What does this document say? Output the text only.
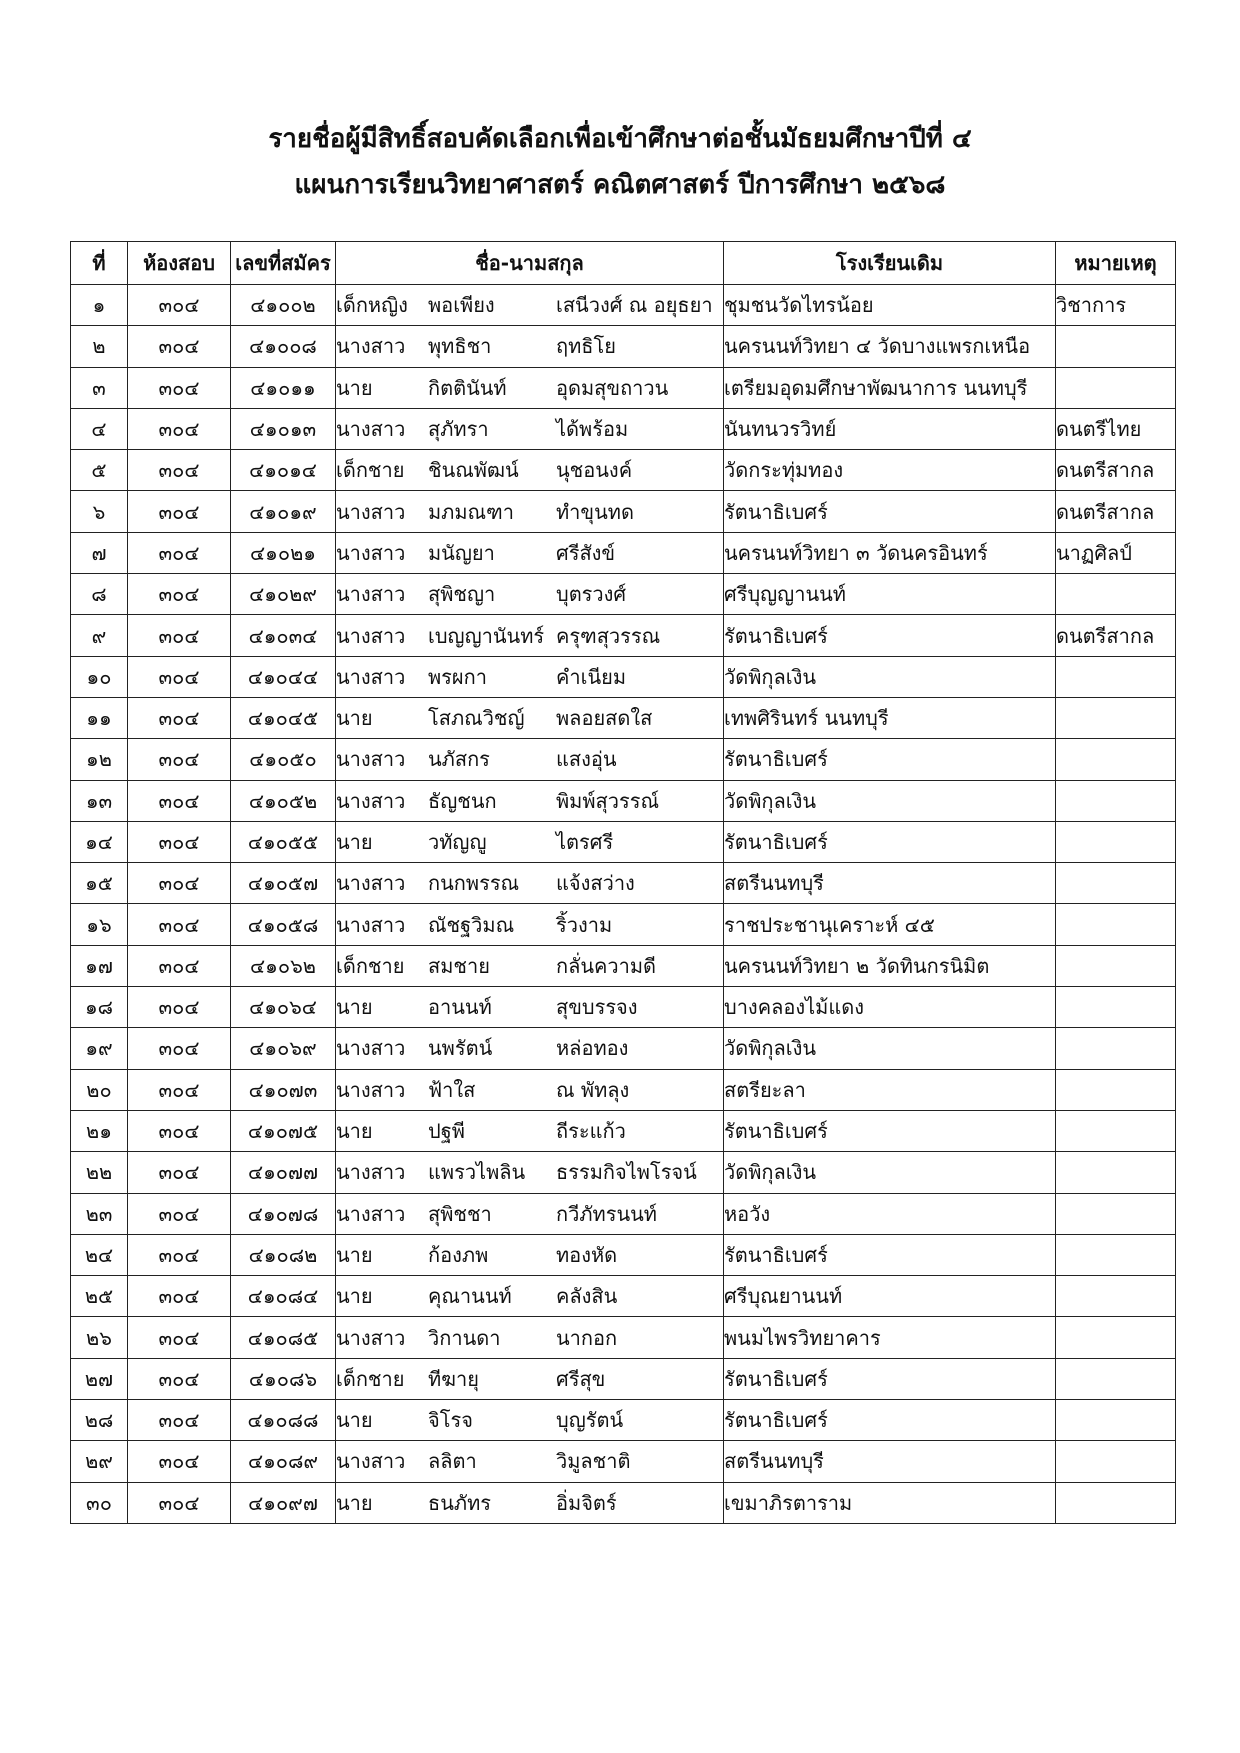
รายชื่อผู้มีสิทธิ์สอบคัดเลือกเพื่อเข้าศึกษาต่อชั้นมัธยมศึกษาปีที่ ๔
แผนการเรียนวิทยาศาสตร์ คณิตศาสตร์ ปีการศึกษา ๒๕๖๘
ที่	ห้องสอบ	เลขที่สมัคร	ชื่อ-นามสกุล	โรงเรียนเดิม	หมายเหตุ
๑	๓๐๔	๔๑๐๐๒	เด็กหญิง พอเพียง เสนีวงศ์ ณ อยุธยา	ชุมชนวัดไทรน้อย	วิชาการ
๒	๓๐๔	๔๑๐๐๘	นางสาว พุทธิชา ฤทธิโย	นครนนท์วิทยา ๔ วัดบางแพรกเหนือ	
๓	๓๐๔	๔๑๐๑๑	นาย กิตตินันท์ อุดมสุขถาวน	เตรียมอุดมศึกษาพัฒนาการ นนทบุรี	
๔	๓๐๔	๔๑๐๑๓	นางสาว สุภัทรา ได้พร้อม	นันทนวรวิทย์	ดนตรีไทย
๕	๓๐๔	๔๑๐๑๔	เด็กชาย ชินณพัฒน์ นุชอนงค์	วัดกระทุ่มทอง	ดนตรีสากล
๖	๓๐๔	๔๑๐๑๙	นางสาว มภมณฑา ทำขุนทด	รัตนาธิเบศร์	ดนตรีสากล
๗	๓๐๔	๔๑๐๒๑	นางสาว มนัญยา ศรีสังข์	นครนนท์วิทยา ๓ วัดนครอินทร์	นาฏศิลป์
๘	๓๐๔	๔๑๐๒๙	นางสาว สุพิชญา บุตรวงศ์	ศรีบุญญานนท์	
๙	๓๐๔	๔๑๐๓๔	นางสาว เบญญานันทร์ ครุฑสุวรรณ	รัตนาธิเบศร์	ดนตรีสากล
๑๐	๓๐๔	๔๑๐๔๔	นางสาว พรผกา คำเนียม	วัดพิกุลเงิน	
๑๑	๓๐๔	๔๑๐๔๕	นาย โสภณวิชญ์ พลอยสดใส	เทพศิรินทร์ นนทบุรี	
๑๒	๓๐๔	๔๑๐๕๐	นางสาว นภัสกร แสงอุ่น	รัตนาธิเบศร์	
๑๓	๓๐๔	๔๑๐๕๒	นางสาว ธัญชนก พิมพ์สุวรรณ์	วัดพิกุลเงิน	
๑๔	๓๐๔	๔๑๐๕๕	นาย วทัญญู ไตรศรี	รัตนาธิเบศร์	
๑๕	๓๐๔	๔๑๐๕๗	นางสาว กนกพรรณ แจ้งสว่าง	สตรีนนทบุรี	
๑๖	๓๐๔	๔๑๐๕๘	นางสาว ณัชฐวิมณ ริ้วงาม	ราชประชานุเคราะห์ ๔๕	
๑๗	๓๐๔	๔๑๐๖๒	เด็กชาย สมชาย กลั่นความดี	นครนนท์วิทยา ๒ วัดทินกรนิมิต	
๑๘	๓๐๔	๔๑๐๖๔	นาย อานนท์ สุขบรรจง	บางคลองไม้แดง	
๑๙	๓๐๔	๔๑๐๖๙	นางสาว นพรัตน์ หล่อทอง	วัดพิกุลเงิน	
๒๐	๓๐๔	๔๑๐๗๓	นางสาว ฟ้าใส ณ พัทลุง	สตรียะลา	
๒๑	๓๐๔	๔๑๐๗๕	นาย ปฐพี ถีระแก้ว	รัตนาธิเบศร์	
๒๒	๓๐๔	๔๑๐๗๗	นางสาว แพรวไพลิน ธรรมกิจไพโรจน์	วัดพิกุลเงิน	
๒๓	๓๐๔	๔๑๐๗๘	นางสาว สุพิชชา กวีภัทรนนท์	หอวัง	
๒๔	๓๐๔	๔๑๐๘๒	นาย ก้องภพ ทองหัด	รัตนาธิเบศร์	
๒๕	๓๐๔	๔๑๐๘๔	นาย คุณานนท์ คลังสิน	ศรีบุณยานนท์	
๒๖	๓๐๔	๔๑๐๘๕	นางสาว วิกานดา นากอก	พนมไพรวิทยาคาร	
๒๗	๓๐๔	๔๑๐๘๖	เด็กชาย ทีฆายุ ศรีสุข	รัตนาธิเบศร์	
๒๘	๓๐๔	๔๑๐๘๘	นาย จิโรจ บุญรัตน์	รัตนาธิเบศร์	
๒๙	๓๐๔	๔๑๐๘๙	นางสาว ลลิตา วิมูลชาติ	สตรีนนทบุรี	
๓๐	๓๐๔	๔๑๐๙๗	นาย ธนภัทร อิ่มจิตร์	เขมาภิรตาราม	
